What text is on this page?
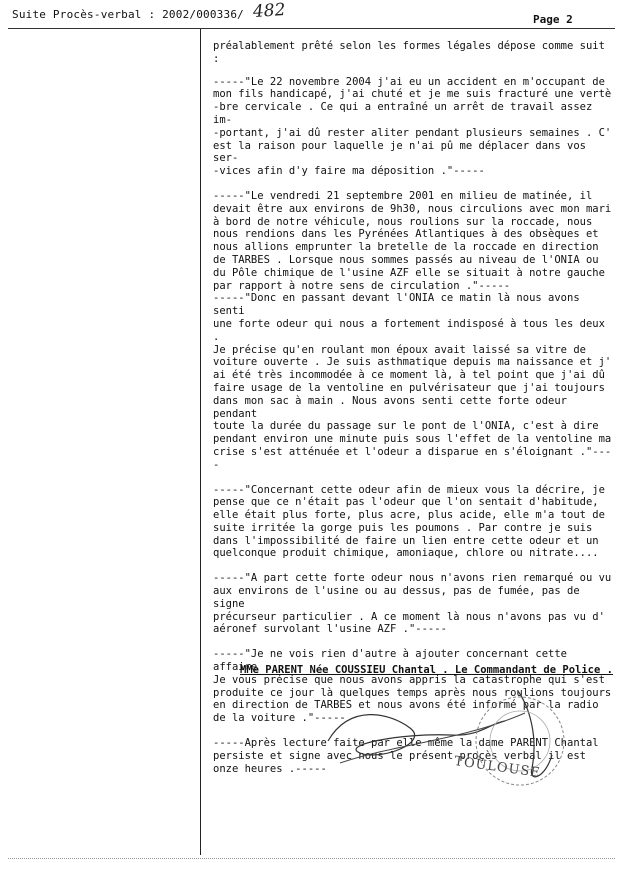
Suite Procès-verbal : 2002/000336/ 482	Page 2

préalablement prêté selon les formes légales dépose comme suit :

-----"Le 22 novembre 2004 j'ai eu un accident en m'occupant de
mon fils handicapé, j'ai chuté et je me suis fracturé une vertè
-bre cervicale . Ce qui a entraîné un arrêt de travail assez im-
-portant, j'ai dû rester aliter pendant plusieurs semaines . C'
est la raison pour laquelle je n'ai pû me déplacer dans vos ser-
-vices afin d'y faire ma déposition ."-----

-----"Le vendredi 21 septembre 2001 en milieu de matinée, il
devait être aux environs de 9h30, nous circulions avec mon mari
à bord de notre véhicule, nous roulions sur la roccade, nous
nous rendions dans les Pyrénées Atlantiques à des obsèques et
nous allions emprunter la bretelle de la roccade en direction
de TARBES . Lorsque nous sommes passés au niveau de l'ONIA ou
du Pôle chimique de l'usine AZF elle se situait à notre gauche
par rapport à notre sens de circulation ."-----
-----"Donc en passant devant l'ONIA ce matin là nous avons senti
une forte odeur qui nous a fortement indisposé à tous les deux .
Je précise qu'en roulant mon époux avait laissé sa vitre de
voiture ouverte . Je suis asthmatique depuis ma naissance et j'
ai été très incommodée à ce moment là, à tel point que j'ai dû
faire usage de la ventoline en pulvérisateur que j'ai toujours
dans mon sac à main . Nous avons senti cette forte odeur pendant
toute la durée du passage sur le pont de l'ONIA, c'est à dire
pendant environ une minute puis sous l'effet de la ventoline ma
crise s'est atténuée et l'odeur a disparue en s'éloignant ."----

-----"Concernant cette odeur afin de mieux vous la décrire, je
pense que ce n'était pas l'odeur que l'on sentait d'habitude,
elle était plus forte, plus acre, plus acide, elle m'a tout de
suite irritée la gorge puis les poumons . Par contre je suis
dans l'impossibilité de faire un lien entre cette odeur et un
quelconque produit chimique, amoniaque, chlore ou nitrate....

-----"A part cette forte odeur nous n'avons rien remarqué ou vu
aux environs de l'usine ou au dessus, pas de fumée, pas de signe
précurseur particulier . A ce moment là nous n'avons pas vu d'
aéronef survolant l'usine AZF ."-----

-----"Je ne vois rien d'autre à ajouter concernant cette affaire
Je vous précise que nous avons appris la catastrophe qui s'est
produite ce jour là quelques temps après nous roulions toujours
en direction de TARBES et nous avons été informé par la radio
de la voiture ."-----

-----Après lecture faite par elle même la dame PARENT Chantal
persiste et signe avec nous le présent proçès verbal il est
onze heures .-----

MMe PARENT Née COUSSIEU Chantal . Le Commandant de Police .
TOULOUSE
